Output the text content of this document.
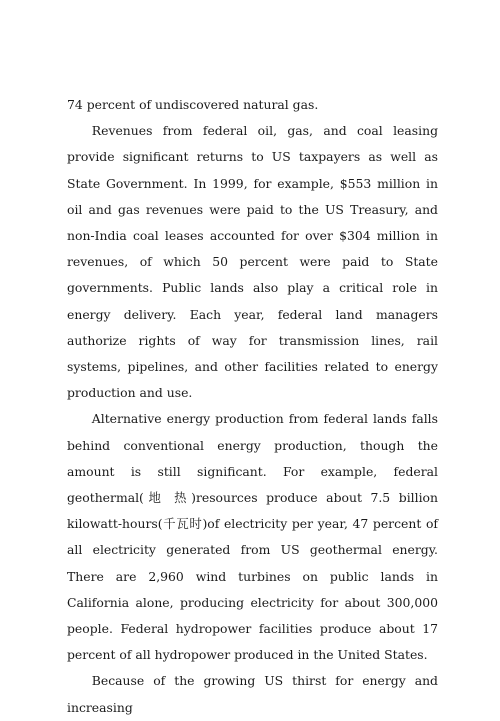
74 percent of undiscovered natural gas.

Revenues from federal oil, gas, and coal leasing provide significant returns to US taxpayers as well as State Government. In 1999, for example, $553 million in oil and gas revenues were paid to the US Treasury, and non-India coal leases accounted for over $304 million in revenues, of which 50 percent were paid to State governments. Public lands also play a critical role in energy delivery. Each year, federal land managers authorize rights of way for transmission lines, rail systems, pipelines, and other facilities related to energy production and use.

Alternative energy production from federal lands falls behind conventional energy production, though the amount is still significant. For example, federal geothermal(地 热)resources produce about 7.5 billion kilowatt-hours(千瓦时)of electricity per year, 47 percent of all electricity generated from US geothermal energy. There are 2,960 wind turbines on public lands in California alone, producing electricity for about 300,000 people. Federal hydropower facilities produce about 17 percent of all hydropower produced in the United States.

Because of the growing US thirst for energy and increasing
